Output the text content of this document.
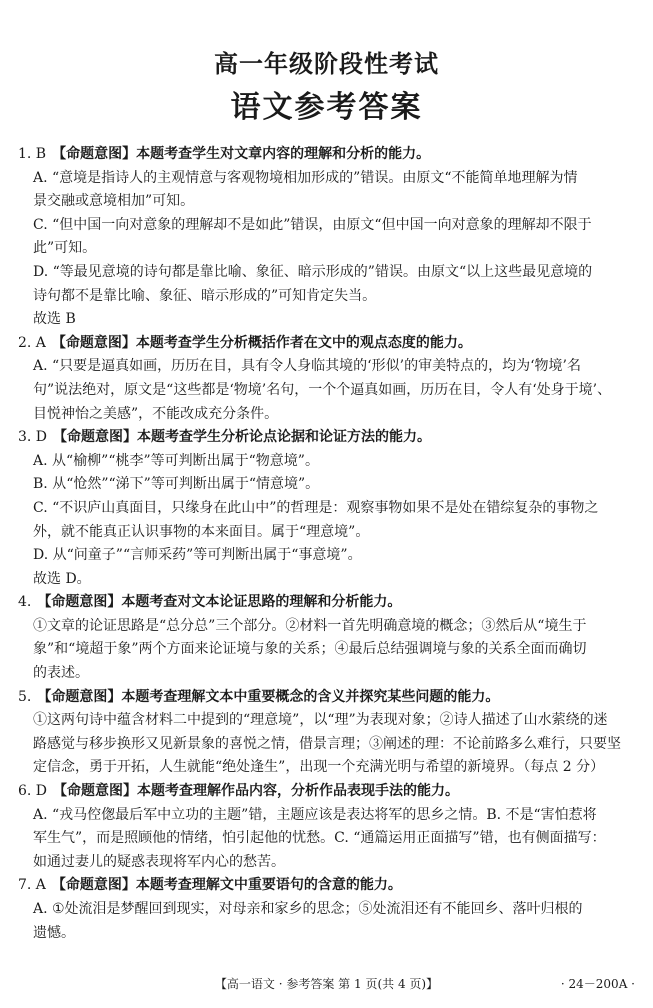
高一年级阶段性考试
语文参考答案
1. B 【命题意图】本题考查学生对文章内容的理解和分析的能力。
A. “意境是指诗人的主观情意与客观物境相加形成的”错误。由原文“不能简单地理解为情
景交融或意境相加”可知。
C. “但中国一向对意象的理解却不是如此”错误，由原文“但中国一向对意象的理解却不限于
此”可知。
D. “等最见意境的诗句都是靠比喻、象征、暗示形成的”错误。由原文“以上这些最见意境的
诗句都不是靠比喻、象征、暗示形成的”可知肯定失当。
故选 B
2. A 【命题意图】本题考查学生分析概括作者在文中的观点态度的能力。
A. “只要是逼真如画，历历在目，具有令人身临其境的‘形似’的审美特点的，均为‘物境’名
句”说法绝对，原文是“这些都是‘物境’名句，一个个逼真如画，历历在目，令人有‘处身于境’、
目悦神怡之美感”，不能改成充分条件。
3. D 【命题意图】本题考查学生分析论点论据和论证方法的能力。
A. 从“榆柳”“桃李”等可判断出属于“物意境”。
B. 从“怆然”“涕下”等可判断出属于“情意境”。
C. “不识庐山真面目，只缘身在此山中”的哲理是：观察事物如果不是处在错综复杂的事物之
外，就不能真正认识事物的本来面目。属于“理意境”。
D. 从“问童子”“言师采药”等可判断出属于“事意境”。
故选 D。
4. 【命题意图】本题考查对文本论证思路的理解和分析能力。
①文章的论证思路是“总分总”三个部分。②材料一首先明确意境的概念；③然后从“境生于
象”和“境超于象”两个方面来论证境与象的关系；④最后总结强调境与象的关系全面而确切
的表述。
5. 【命题意图】本题考查理解文本中重要概念的含义并探究某些问题的能力。
①这两句诗中蕴含材料二中提到的“理意境”，以“理”为表现对象；②诗人描述了山水萦绕的迷
路感觉与移步换形又见新景象的喜悦之情，借景言理；③阐述的理：不论前路多么难行，只要坚
定信念，勇于开拓，人生就能“绝处逢生”，出现一个充满光明与希望的新境界。（每点 2 分）
6. D 【命题意图】本题考查理解作品内容，分析作品表现手法的能力。
A. “戎马倥偬最后军中立功的主题”错，主题应该是表达将军的思乡之情。B. 不是“害怕惹将
军生气”，而是照顾他的情绪，怕引起他的忧愁。C. “通篇运用正面描写”错，也有侧面描写：
如通过妻儿的疑惑表现将军内心的愁苦。
7. A 【命题意图】本题考查理解文中重要语句的含意的能力。
A. ①处流泪是梦醒回到现实，对母亲和家乡的思念；⑤处流泪还有不能回乡、落叶归根的
遗憾。
【高一语文 · 参考答案 第 1 页(共 4 页)】	· 24－200A ·
